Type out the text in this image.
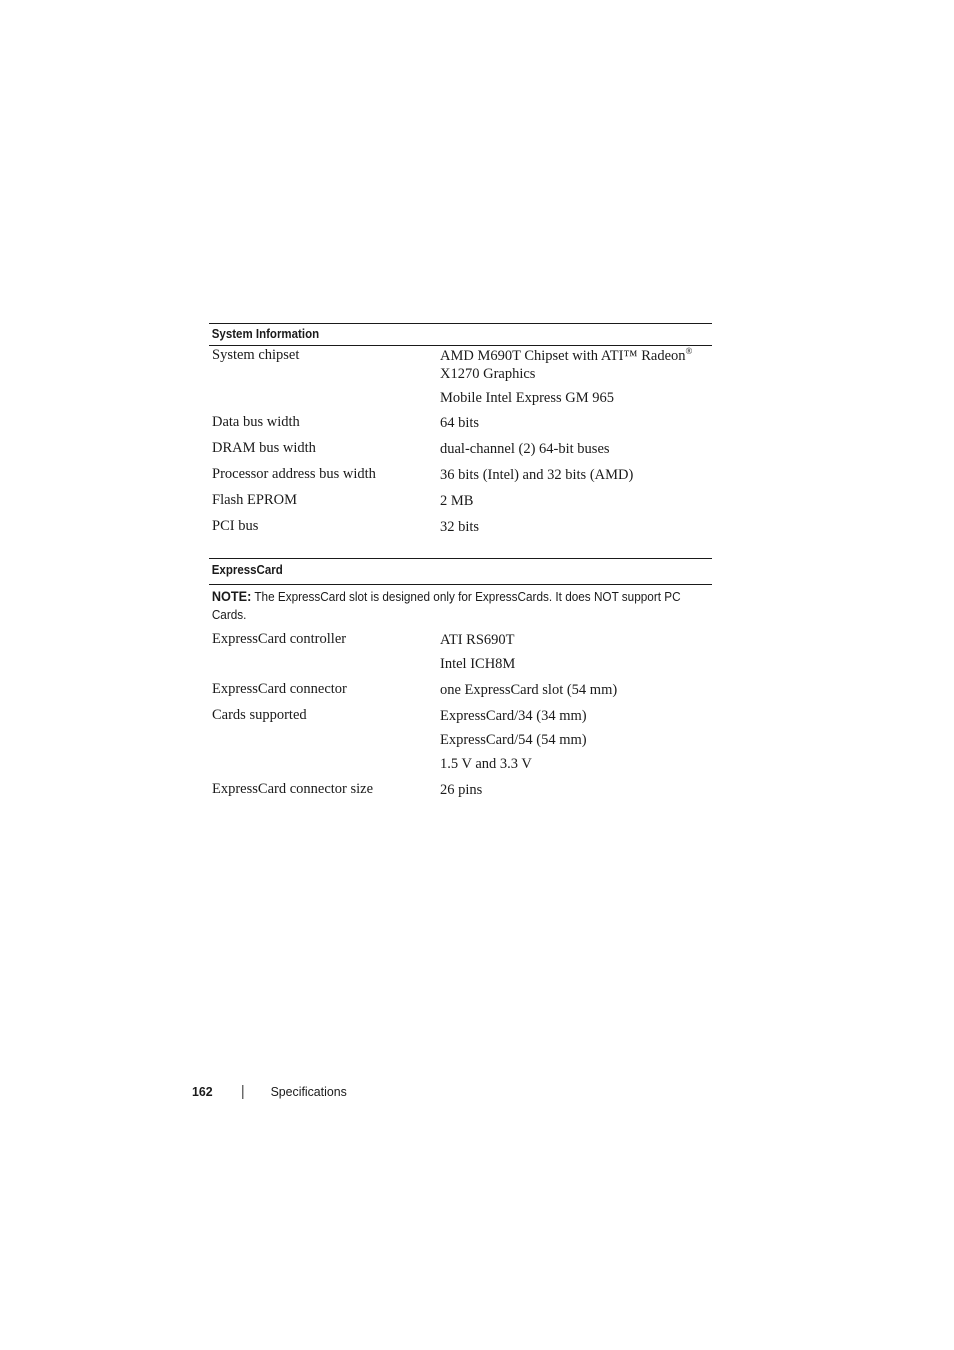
System Information
System chipset	AMD M690T Chipset with ATI™ Radeon®
X1270 Graphics
Mobile Intel Express GM 965
Data bus width	64 bits
DRAM bus width	dual-channel (2) 64-bit buses
Processor address bus width	36 bits (Intel) and 32 bits (AMD)
Flash EPROM	2 MB
PCI bus	32 bits
ExpressCard
NOTE: The ExpressCard slot is designed only for ExpressCards. It does NOT support PC Cards.
ExpressCard controller	ATI RS690T
Intel ICH8M
ExpressCard connector	one ExpressCard slot (54 mm)
Cards supported	ExpressCard/34 (34 mm)
ExpressCard/54 (54 mm)
1.5 V and 3.3 V
ExpressCard connector size	26 pins
162	Specifications
